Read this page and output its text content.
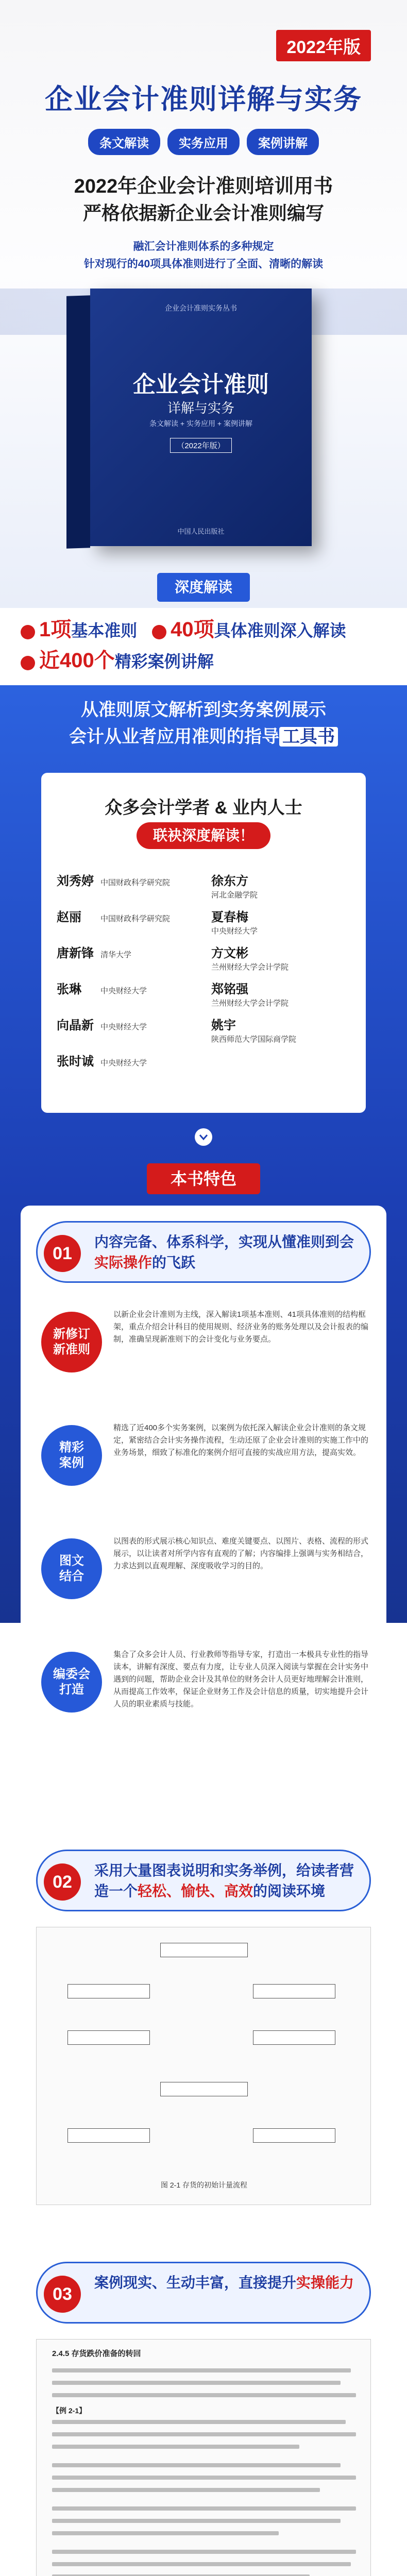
2022年版
企业会计准则详解与实务
条文解读	实务应用	案例讲解
2022年企业会计准则培训用书
严格依据新企业会计准则编写
融汇会计准则体系的多种规定
针对现行的40项具体准则进行了全面、清晰的解读
企业会计准则实务丛书
企业会计准则
详解与实务
条文解读 + 实务应用 + 案例讲解
（2022年版）
中国人民出版社
深度解读
1项基本准则 40项具体准则深入解读
近400个精彩案例讲解
从准则原文解析到实务案例展示
会计从业者应用准则的指导 工具书
众多会计学者 & 业内人士
联袂深度解读！
刘秀婷 中国财政科学研究院	徐东方河北金融学院
赵丽 中国财政科学研究院	夏春梅中央财经大学
唐新锋 清华大学	方文彬兰州财经大学会计学院
张琳 中央财经大学	郑铭强兰州财经大学会计学院
向晶新 中央财经大学	姚宇陕西师范大学国际商学院
张时诚 中央财经大学
本书特色
01
内容完备、体系科学，实现从懂准则到会实际操作的飞跃
新修订
新准则
以新企业会计准则为主线，深入解读1项基本准则、41项具体准则的结构框架，重点介绍会计科目的使用规则、经济业务的账务处理以及会计报表的编制，准确呈现新准则下的会计变化与业务要点。
精彩
案例
精选了近400多个实务案例，以案例为依托深入解读企业会计准则的条文规定，紧密结合会计实务操作流程，生动还原了企业会计准则的实施工作中的业务场景，细致了标准化的案例介绍可直接的实战应用方法，提高实效。
图文
结合
以图表的形式展示核心知识点、难度关键要点、以图片、表格、流程的形式展示，以让读者对所学内容有直观的了解；内容编排上强调与实务相结合，力求达到以直观理解、深度吸收学习的目的。
编委会
打造
集合了众多会计人员、行业教师等指导专家，打造出一本极具专业性的指导读本，讲解有深度、要点有力度，让专业人员深入阅读与掌握在会计实务中遇到的问题，帮助企业会计及其单位的财务会计人员更好地理解会计准则，从而提高工作效率，保证企业财务工作及会计信息的质量，切实地提升会计人员的职业素质与技能。
02
采用大量图表说明和实务举例，给读者营造一个轻松、愉快、高效的阅读环境
图 2-1 存货的初始计量流程
03
案例现实、生动丰富，直接提升实操能力
2.4.5 存货跌价准备的转回
【例 2-1】
